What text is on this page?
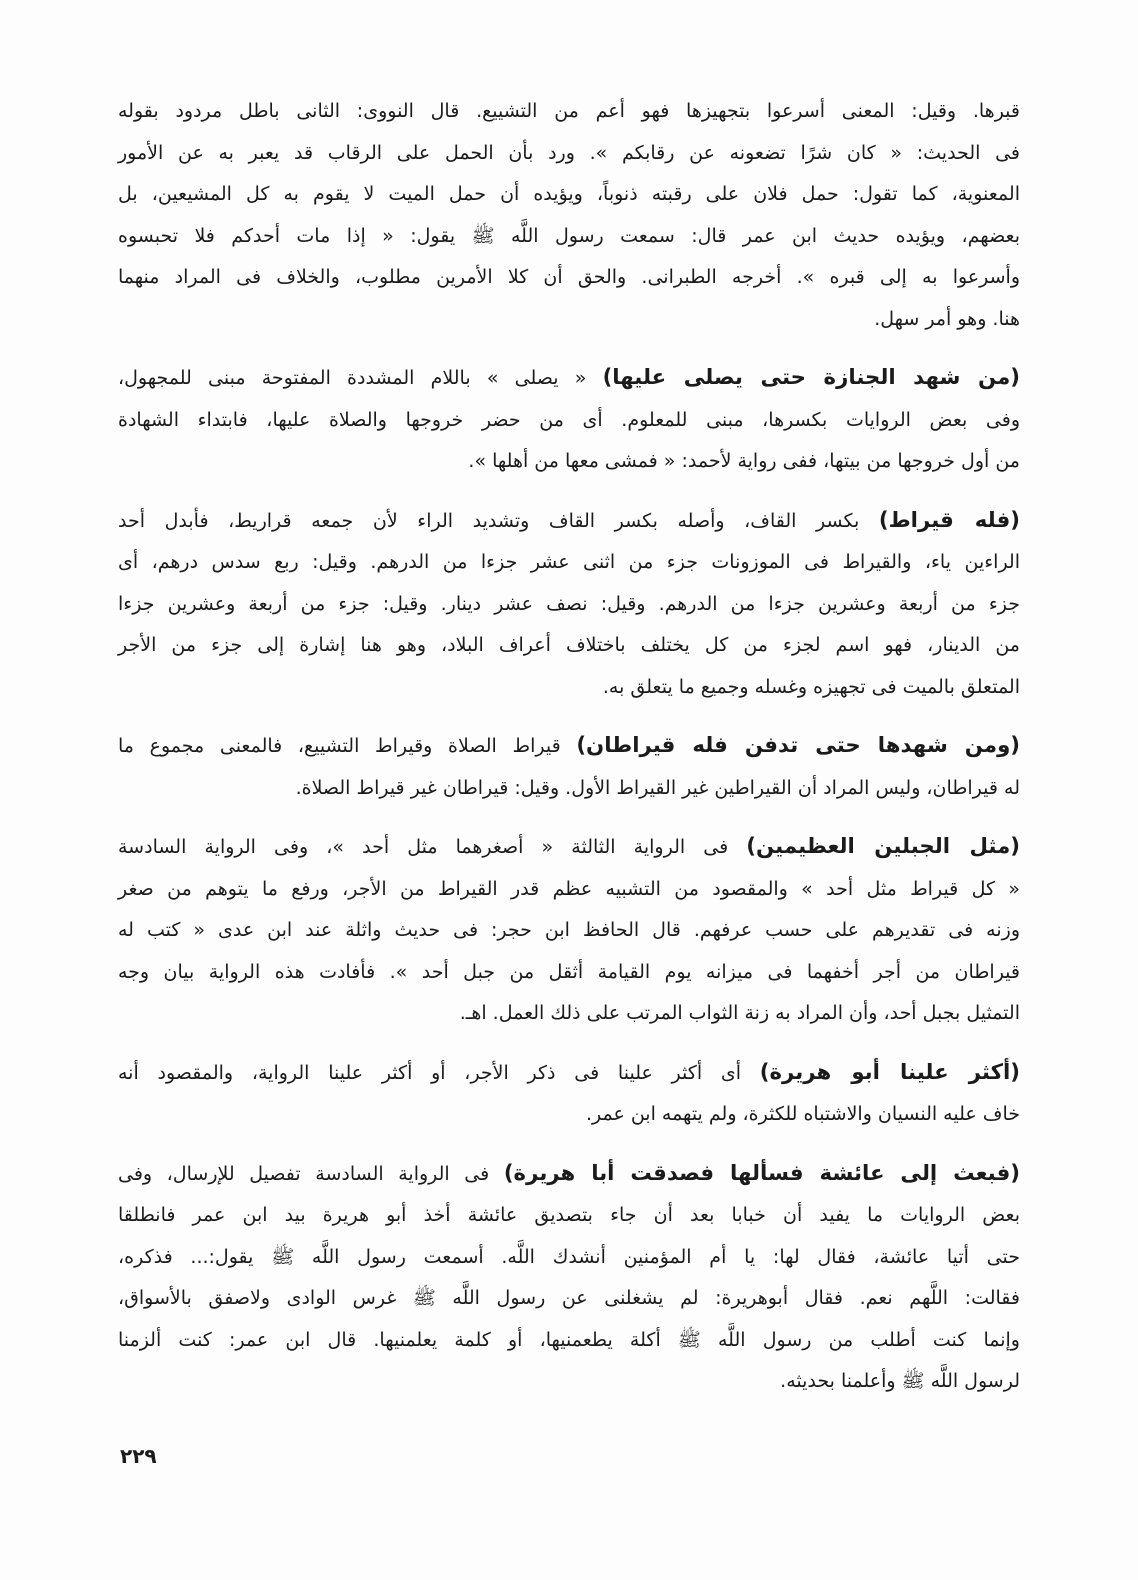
قبرها. وقيل: المعنى أسرعوا بتجهيزها فهو أعم من التشييع. قال النووى: الثانى باطل مردود بقوله
فى الحديث: « كان شرًا تضعونه عن رقابكم ». ورد بأن الحمل على الرقاب قد يعبر به عن الأمور
المعنوية، كما تقول: حمل فلان على رقبته ذنوباً، ويؤيده أن حمل الميت لا يقوم به كل المشيعين، بل
بعضهم، ويؤيده حديث ابن عمر قال: سمعت رسول اللَّه ﷺ يقول: « إذا مات أحدكم فلا تحبسوه
وأسرعوا به إلى قبره ». أخرجه الطبرانى. والحق أن كلا الأمرين مطلوب، والخلاف فى المراد منهما
هنا. وهو أمر سهل.
(من شهد الجنازة حتى يصلى عليها) « يصلى » باللام المشددة المفتوحة مبنى للمجهول،
وفى بعض الروايات بكسرها، مبنى للمعلوم. أى من حضر خروجها والصلاة عليها، فابتداء الشهادة
من أول خروجها من بيتها، ففى رواية لأحمد: « فمشى معها من أهلها ».
(فله قيراط) بكسر القاف، وأصله بكسر القاف وتشديد الراء لأن جمعه قراريط، فأبدل أحد
الراءين ياء، والقيراط فى الموزونات جزء من اثنى عشر جزءا من الدرهم. وقيل: ربع سدس درهم، أى
جزء من أربعة وعشرين جزءا من الدرهم. وقيل: نصف عشر دينار. وقيل: جزء من أربعة وعشرين جزءا
من الدينار، فهو اسم لجزء من كل يختلف باختلاف أعراف البلاد، وهو هنا إشارة إلى جزء من الأجر
المتعلق بالميت فى تجهيزه وغسله وجميع ما يتعلق به.
(ومن شهدها حتى تدفن فله قيراطان) قيراط الصلاة وقيراط التشييع، فالمعنى مجموع ما
له قيراطان، وليس المراد أن القيراطين غير القيراط الأول. وقيل: قيراطان غير قيراط الصلاة.
(مثل الجبلين العظيمين) فى الرواية الثالثة « أصغرهما مثل أحد »، وفى الرواية السادسة
« كل قيراط مثل أحد » والمقصود من التشبيه عظم قدر القيراط من الأجر، ورفع ما يتوهم من صغر
وزنه فى تقديرهم على حسب عرفهم. قال الحافظ ابن حجر: فى حديث واثلة عند ابن عدى « كتب له
قيراطان من أجر أخفهما فى ميزانه يوم القيامة أثقل من جبل أحد ». فأفادت هذه الرواية بيان وجه
التمثيل بجبل أحد، وأن المراد به زنة الثواب المرتب على ذلك العمل. اهـ.
(أكثر علينا أبو هريرة) أى أكثر علينا فى ذكر الأجر، أو أكثر علينا الرواية، والمقصود أنه
خاف عليه النسيان والاشتباه للكثرة، ولم يتهمه ابن عمر.
(فبعث إلى عائشة فسألها فصدقت أبا هريرة) فى الرواية السادسة تفصيل للإرسال، وفى
بعض الروايات ما يفيد أن خبابا بعد أن جاء بتصديق عائشة أخذ أبو هريرة بيد ابن عمر فانطلقا
حتى أتيا عائشة، فقال لها: يا أم المؤمنين أنشدك اللَّه. أسمعت رسول اللَّه ﷺ يقول:... فذكره،
فقالت: اللَّهم نعم. فقال أبوهريرة: لم يشغلنى عن رسول اللَّه ﷺ غرس الوادى ولاصفق بالأسواق،
وإنما كنت أطلب من رسول اللَّه ﷺ أكلة يطعمنيها، أو كلمة يعلمنيها. قال ابن عمر: كنت ألزمنا
لرسول اللَّه ﷺ وأعلمنا بحديثه.
٢٢٩
